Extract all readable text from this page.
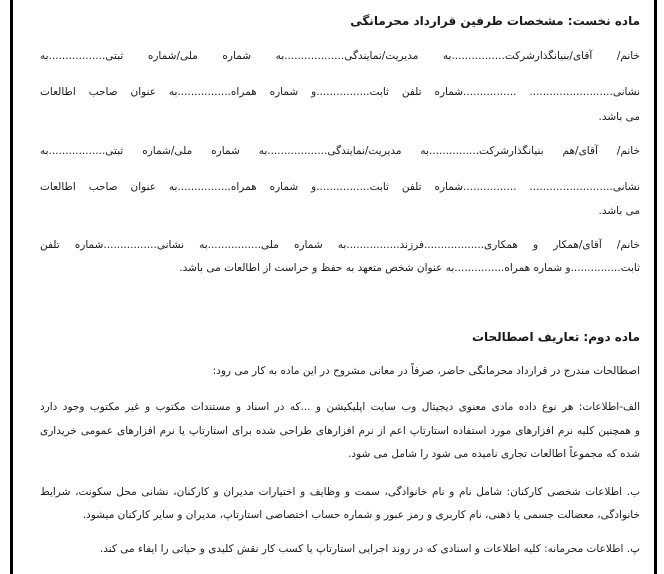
ماده نخست: مشخصات طرفین قرارداد محرمانگی
خانم/ آقای/بنیانگذارشرکت................به مدیریت/نمایندگی..................به شماره ملی/شماره ثبتی.................به
نشانی......................... ................شماره تلفن ثابت................و شماره همراه................به عنوان صاحب اطالعات
می باشد.
خانم/ آقای/هم بنیانگذارشرکت...............به مدیریت/نمایندگی..................به شماره ملی/شماره ثبتی.................به
نشانی......................... ................شماره تلفن ثابت................و شماره همراه................به عنوان صاحب اطالعات
می باشد.
خانم/ آقای/همکار و همکاری..................فرزند................به شماره ملی................به نشانی................شماره تلفن
ثابت...............و شماره همراه...............به عنوان شخص متعهد به حفظ و حراست از اطالعات می باشد.
ماده دوم: تعاریف اصطالحات
اصطالحات مندرج در قرارداد محرمانگی حاضر، صرفاً در معانی مشروح در این ماده به کار می رود:
الف-اطلاعات: هر نوع داده مادی معنوی دیجیتال وب سایت اپلیکیشن و ...که در اسناد و مستندات مکتوب و غیر مکتوب وجود دارد
و همچنین کلیه نرم افزارهای مورد استفاده استارتاپ اعم از نرم افزارهای طراحی شده برای استارتاپ یا نرم افزارهای عمومی خریداری
شده که مجموعاً اطالعات تجاری نامیده می شود را شامل می شود.
ب. اطلاعات شخصی کارکنان: شامل نام و نام خانوادگی، سمت و وظایف و اختیارات مدیران و کارکنان، نشانی محل سکونت، شرایط
خانوادگی، معضالت جسمی یا ذهنی، نام کاربری و رمز عبور و شماره حساب اختصاصی استارتاپ، مدیران و سایر کارکنان میشود.
پ. اطلاعات محرمانه: کلیه اطلاعات و اسنادی که در روند اجرایی استارتاپ یا کسب کار نقش کلیدی و حیاتی را ایفاء می کند.
